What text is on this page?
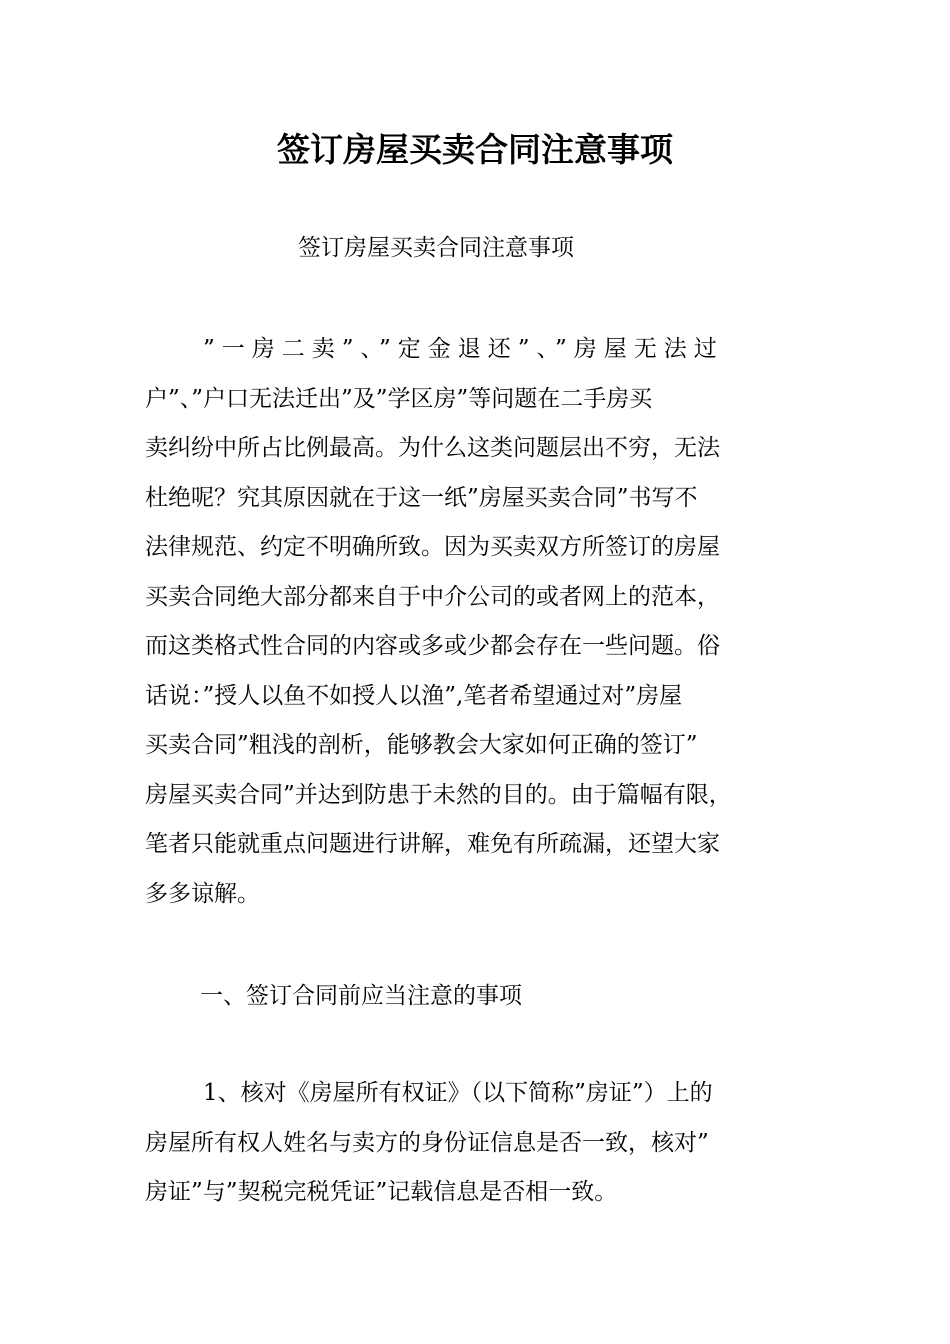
签订房屋买卖合同注意事项

签订房屋买卖合同注意事项

”一房二卖”、”定金退还”、”房屋无法过
户”、”户口无法迁出”及”学区房”等问题在二手房买
卖纠纷中所占比例最高。为什么这类问题层出不穷，无法
杜绝呢？究其原因就在于这一纸”房屋买卖合同”书写不
法律规范、约定不明确所致。因为买卖双方所签订的房屋
买卖合同绝大部分都来自于中介公司的或者网上的范本，
而这类格式性合同的内容或多或少都会存在一些问题。俗
话说：”授人以鱼不如授人以渔”,笔者希望通过对”房屋
买卖合同”粗浅的剖析，能够教会大家如何正确的签订”
房屋买卖合同”并达到防患于未然的目的。由于篇幅有限，
笔者只能就重点问题进行讲解，难免有所疏漏，还望大家
多多谅解。

一、签订合同前应当注意的事项

1、核对《房屋所有权证》（以下简称”房证”）上的
房屋所有权人姓名与卖方的身份证信息是否一致，核对”
房证”与”契税完税凭证”记载信息是否相一致。
